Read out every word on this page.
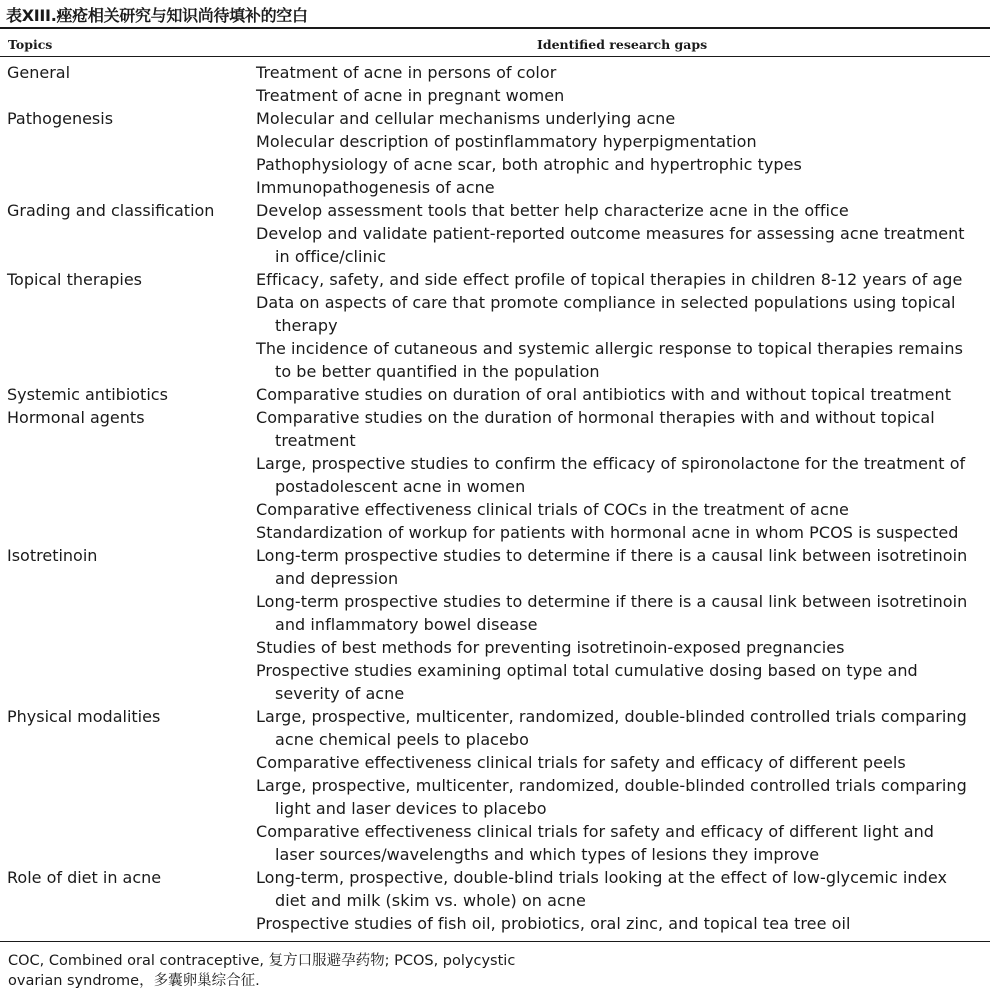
表XIII.痤疮相关研究与知识尚待填补的空白
Topics	Identified research gaps
General	Treatment of acne in persons of color
Treatment of acne in pregnant women
Pathogenesis	Molecular and cellular mechanisms underlying acne
Molecular description of postinflammatory hyperpigmentation
Pathophysiology of acne scar, both atrophic and hypertrophic types
Immunopathogenesis of acne
Grading and classification	Develop assessment tools that better help characterize acne in the office
Develop and validate patient-reported outcome measures for assessing acne treatment in office/clinic
Topical therapies	Efficacy, safety, and side effect profile of topical therapies in children 8-12 years of age
Data on aspects of care that promote compliance in selected populations using topical therapy
The incidence of cutaneous and systemic allergic response to topical therapies remains to be better quantified in the population
Systemic antibiotics	Comparative studies on duration of oral antibiotics with and without topical treatment
Hormonal agents	Comparative studies on the duration of hormonal therapies with and without topical treatment
Large, prospective studies to confirm the efficacy of spironolactone for the treatment of postadolescent acne in women
Comparative effectiveness clinical trials of COCs in the treatment of acne
Standardization of workup for patients with hormonal acne in whom PCOS is suspected
Isotretinoin	Long-term prospective studies to determine if there is a causal link between isotretinoin and depression
Long-term prospective studies to determine if there is a causal link between isotretinoin and inflammatory bowel disease
Studies of best methods for preventing isotretinoin-exposed pregnancies
Prospective studies examining optimal total cumulative dosing based on type and severity of acne
Physical modalities	Large, prospective, multicenter, randomized, double-blinded controlled trials comparing acne chemical peels to placebo
Comparative effectiveness clinical trials for safety and efficacy of different peels
Large, prospective, multicenter, randomized, double-blinded controlled trials comparing light and laser devices to placebo
Comparative effectiveness clinical trials for safety and efficacy of different light and laser sources/wavelengths and which types of lesions they improve
Role of diet in acne	Long-term, prospective, double-blind trials looking at the effect of low-glycemic index diet and milk (skim vs. whole) on acne
Prospective studies of fish oil, probiotics, oral zinc, and topical tea tree oil
COC, Combined oral contraceptive, 复方口服避孕药物; PCOS, polycystic ovarian syndrome，多囊卵巢综合征.
